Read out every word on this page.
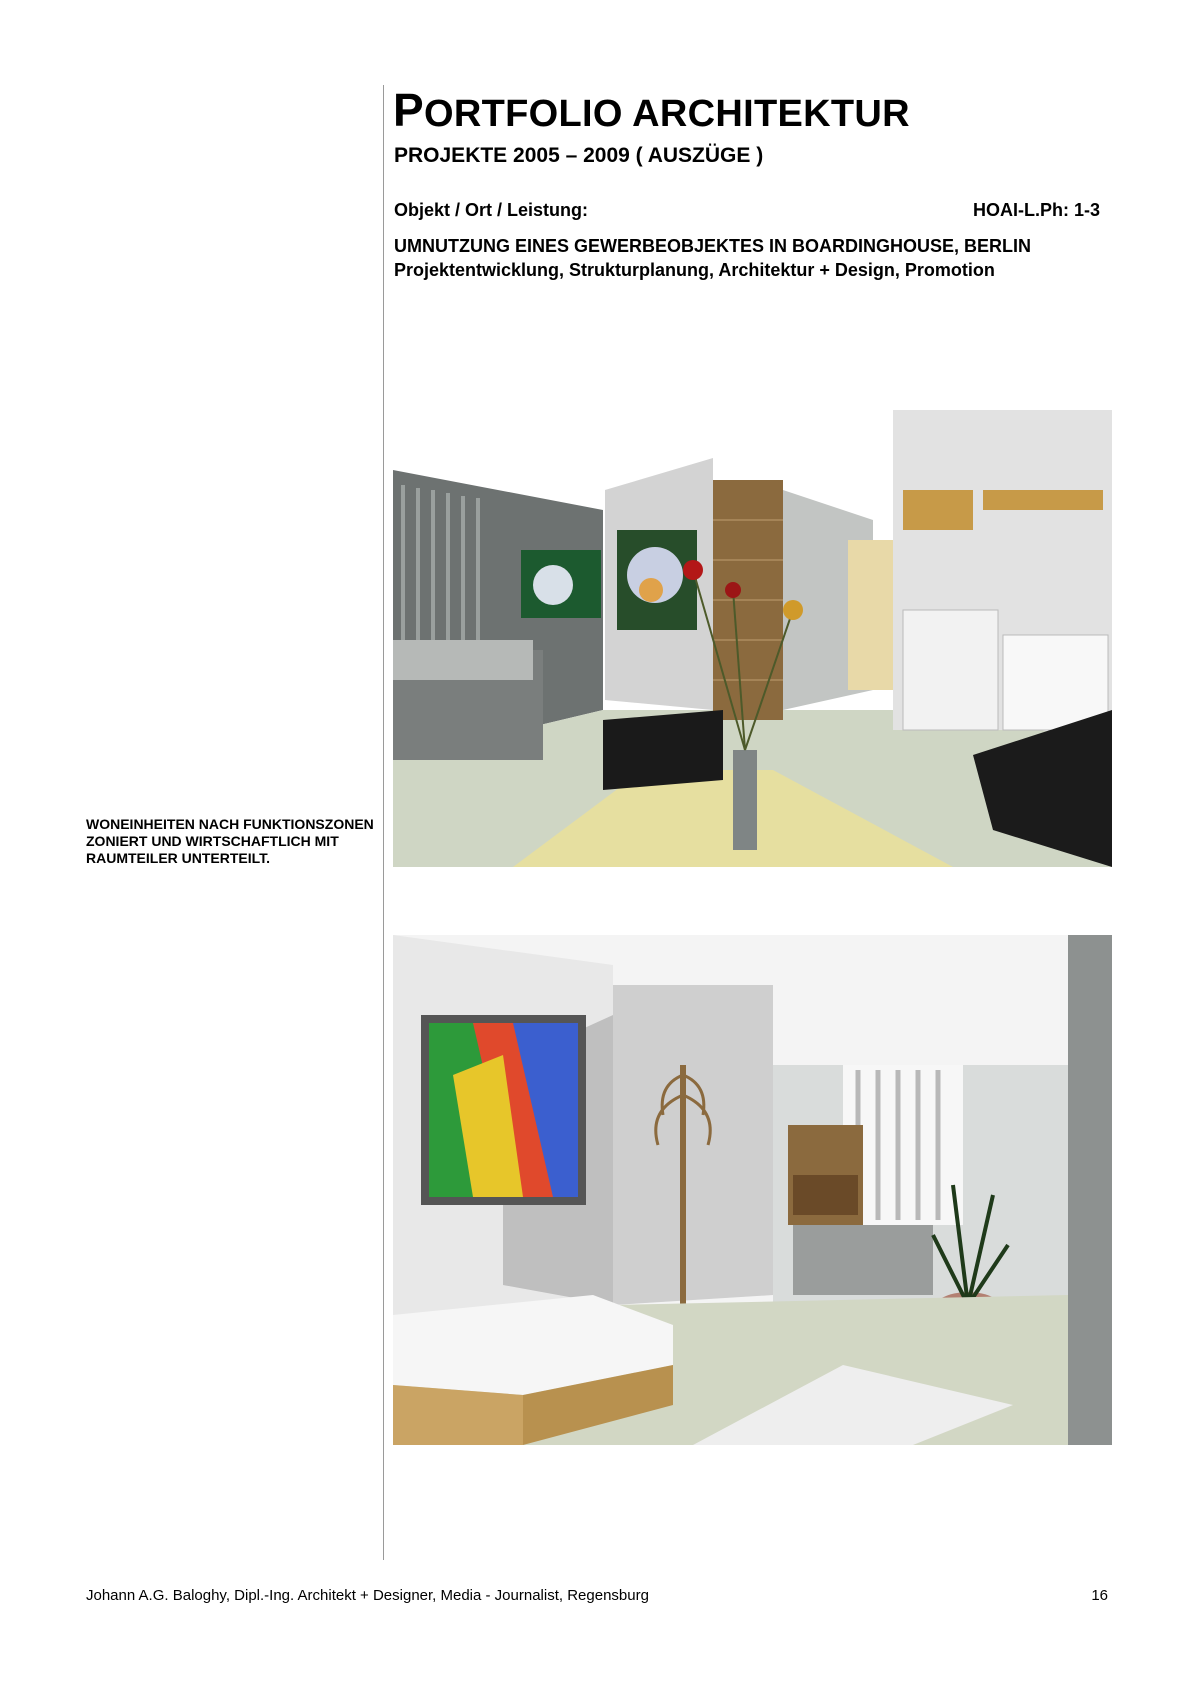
PORTFOLIO ARCHITEKTUR
PROJEKTE 2005 – 2009 ( AUSZÜGE )
Objekt / Ort / Leistung:	HOAI-L.Ph: 1-3
UMNUTZUNG EINES GEWERBEOBJEKTES IN BOARDINGHOUSE, BERLIN
Projektentwicklung, Strukturplanung, Architektur + Design, Promotion
WONEINHEITEN NACH FUNKTIONSZONEN ZONIERT UND WIRTSCHAFTLICH MIT RAUMTEILER UNTERTEILT.
Johann A.G. Baloghy, Dipl.-Ing. Architekt + Designer, Media - Journalist, Regensburg	16
